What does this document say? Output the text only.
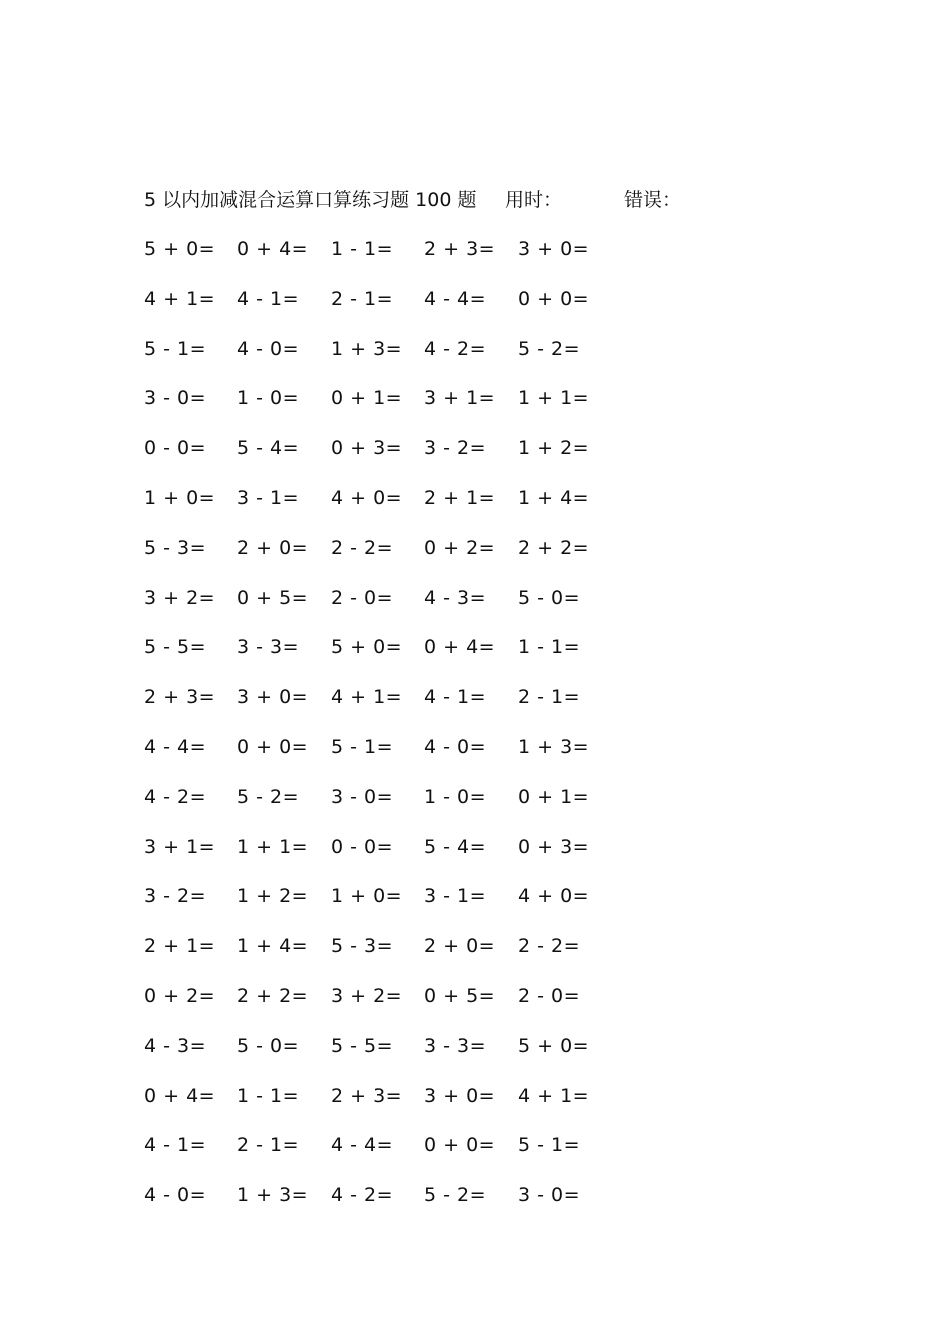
5 以内加减混合运算口算练习题 100 题 用时：	错误：
5 + 0= 0 + 4= 1 - 1= 2 + 3= 3 + 0=
4 + 1= 4 - 1= 2 - 1= 4 - 4= 0 + 0=
5 - 1= 4 - 0= 1 + 3= 4 - 2= 5 - 2=
3 - 0= 1 - 0= 0 + 1= 3 + 1= 1 + 1=
0 - 0= 5 - 4= 0 + 3= 3 - 2= 1 + 2=
1 + 0= 3 - 1= 4 + 0= 2 + 1= 1 + 4=
5 - 3= 2 + 0= 2 - 2= 0 + 2= 2 + 2=
3 + 2= 0 + 5= 2 - 0= 4 - 3= 5 - 0=
5 - 5= 3 - 3= 5 + 0= 0 + 4= 1 - 1=
2 + 3= 3 + 0= 4 + 1= 4 - 1= 2 - 1=
4 - 4= 0 + 0= 5 - 1= 4 - 0= 1 + 3=
4 - 2= 5 - 2= 3 - 0= 1 - 0= 0 + 1=
3 + 1= 1 + 1= 0 - 0= 5 - 4= 0 + 3=
3 - 2= 1 + 2= 1 + 0= 3 - 1= 4 + 0=
2 + 1= 1 + 4= 5 - 3= 2 + 0= 2 - 2=
0 + 2= 2 + 2= 3 + 2= 0 + 5= 2 - 0=
4 - 3= 5 - 0= 5 - 5= 3 - 3= 5 + 0=
0 + 4= 1 - 1= 2 + 3= 3 + 0= 4 + 1=
4 - 1= 2 - 1= 4 - 4= 0 + 0= 5 - 1=
4 - 0= 1 + 3= 4 - 2= 5 - 2= 3 - 0=
